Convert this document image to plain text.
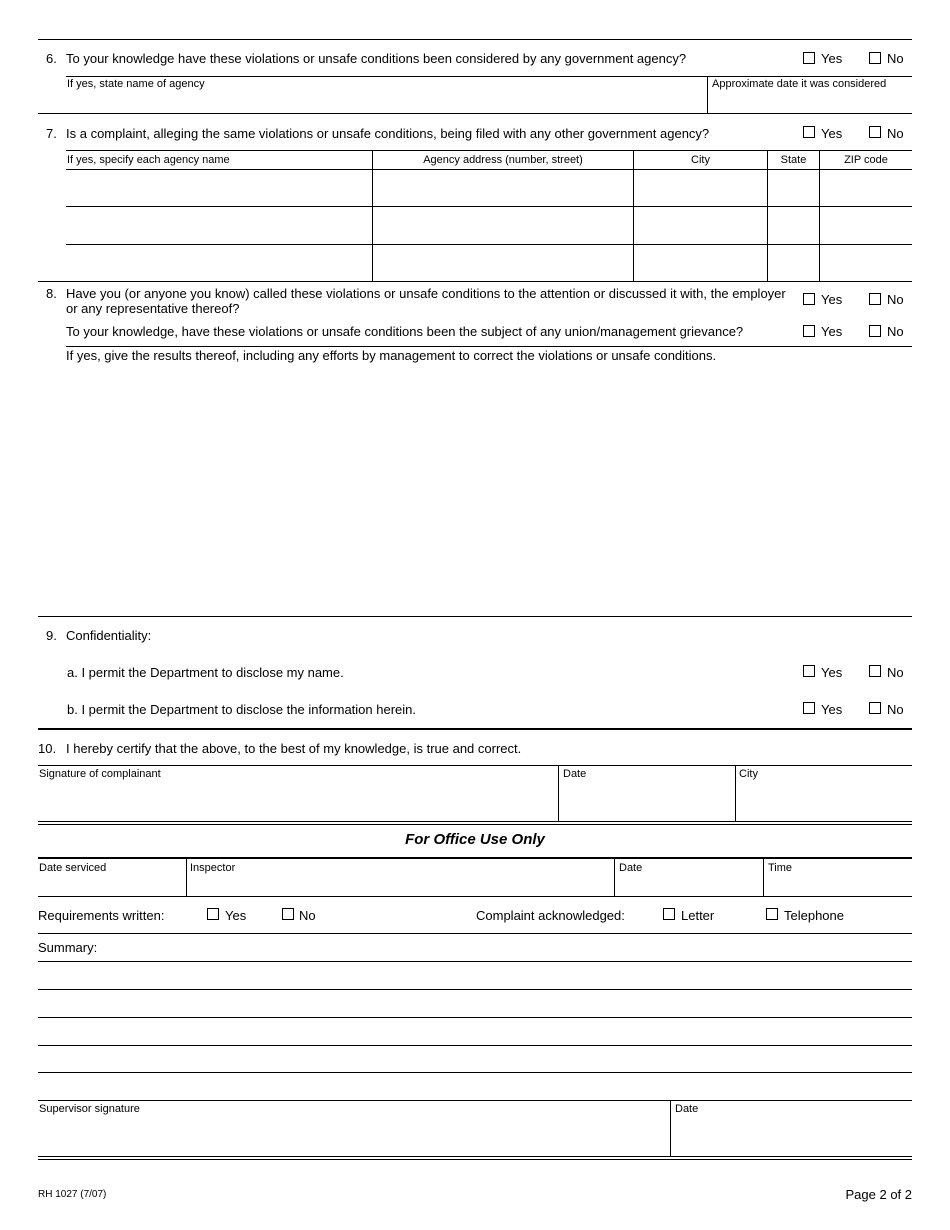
6. To your knowledge have these violations or unsafe conditions been considered by any government agency?	Yes	No
If yes, state name of agency	Approximate date it was considered
7. Is a complaint, alleging the same violations or unsafe conditions, being filed with any other government agency?	Yes	No
If yes, specify each agency name	Agency address (number, street)	City	State	ZIP code
8. Have you (or anyone you know) called these violations or unsafe conditions to the attention or discussed it with, the employer
or any representative thereof?
Yes	No
To your knowledge, have these violations or unsafe conditions been the subject of any union/management grievance?	Yes	No
If yes, give the results thereof, including any efforts by management to correct the violations or unsafe conditions.
9. Confidentiality:
a. I permit the Department to disclose my name.	Yes	No
b. I permit the Department to disclose the information herein.	Yes	No
10. I hereby certify that the above, to the best of my knowledge, is true and correct.
Signature of complainant	Date	City
For Office Use Only
Date serviced	Inspector	Date	Time
Requirements written:	Yes	No	Complaint acknowledged:	Letter	Telephone
Summary:
Supervisor signature	Date
RH 1027 (7/07)	Page 2 of 2
